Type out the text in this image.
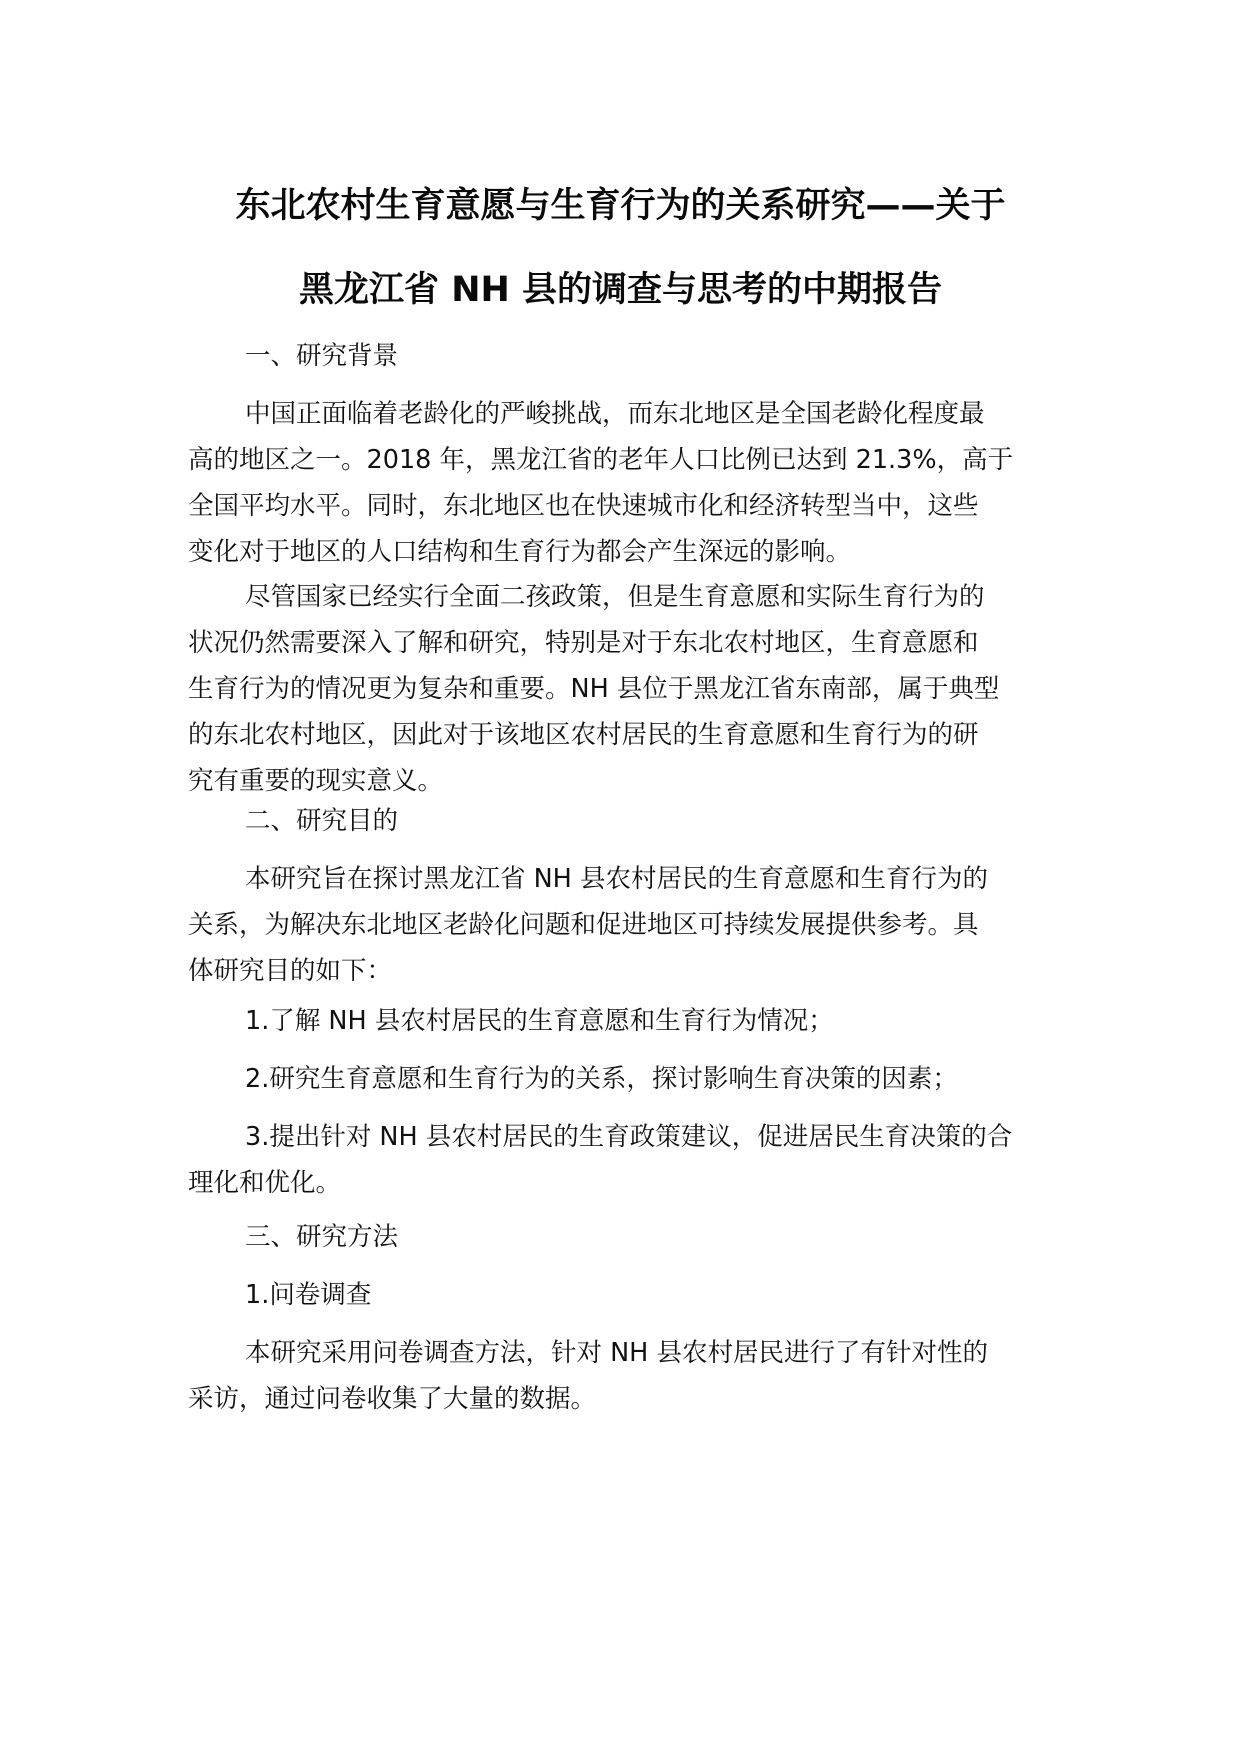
东北农村生育意愿与生育行为的关系研究——关于
黑龙江省 NH 县的调查与思考的中期报告

一、研究背景

中国正面临着老龄化的严峻挑战，而东北地区是全国老龄化程度最
高的地区之一。2018 年，黑龙江省的老年人口比例已达到 21.3%，高于
全国平均水平。同时，东北地区也在快速城市化和经济转型当中，这些
变化对于地区的人口结构和生育行为都会产生深远的影响。

尽管国家已经实行全面二孩政策，但是生育意愿和实际生育行为的
状况仍然需要深入了解和研究，特别是对于东北农村地区，生育意愿和
生育行为的情况更为复杂和重要。NH 县位于黑龙江省东南部，属于典型
的东北农村地区，因此对于该地区农村居民的生育意愿和生育行为的研
究有重要的现实意义。

二、研究目的

本研究旨在探讨黑龙江省 NH 县农村居民的生育意愿和生育行为的
关系，为解决东北地区老龄化问题和促进地区可持续发展提供参考。具
体研究目的如下：

1.了解 NH 县农村居民的生育意愿和生育行为情况；

2.研究生育意愿和生育行为的关系，探讨影响生育决策的因素；

3.提出针对 NH 县农村居民的生育政策建议，促进居民生育决策的合
理化和优化。

三、研究方法

1.问卷调查

本研究采用问卷调查方法，针对 NH 县农村居民进行了有针对性的
采访，通过问卷收集了大量的数据。
